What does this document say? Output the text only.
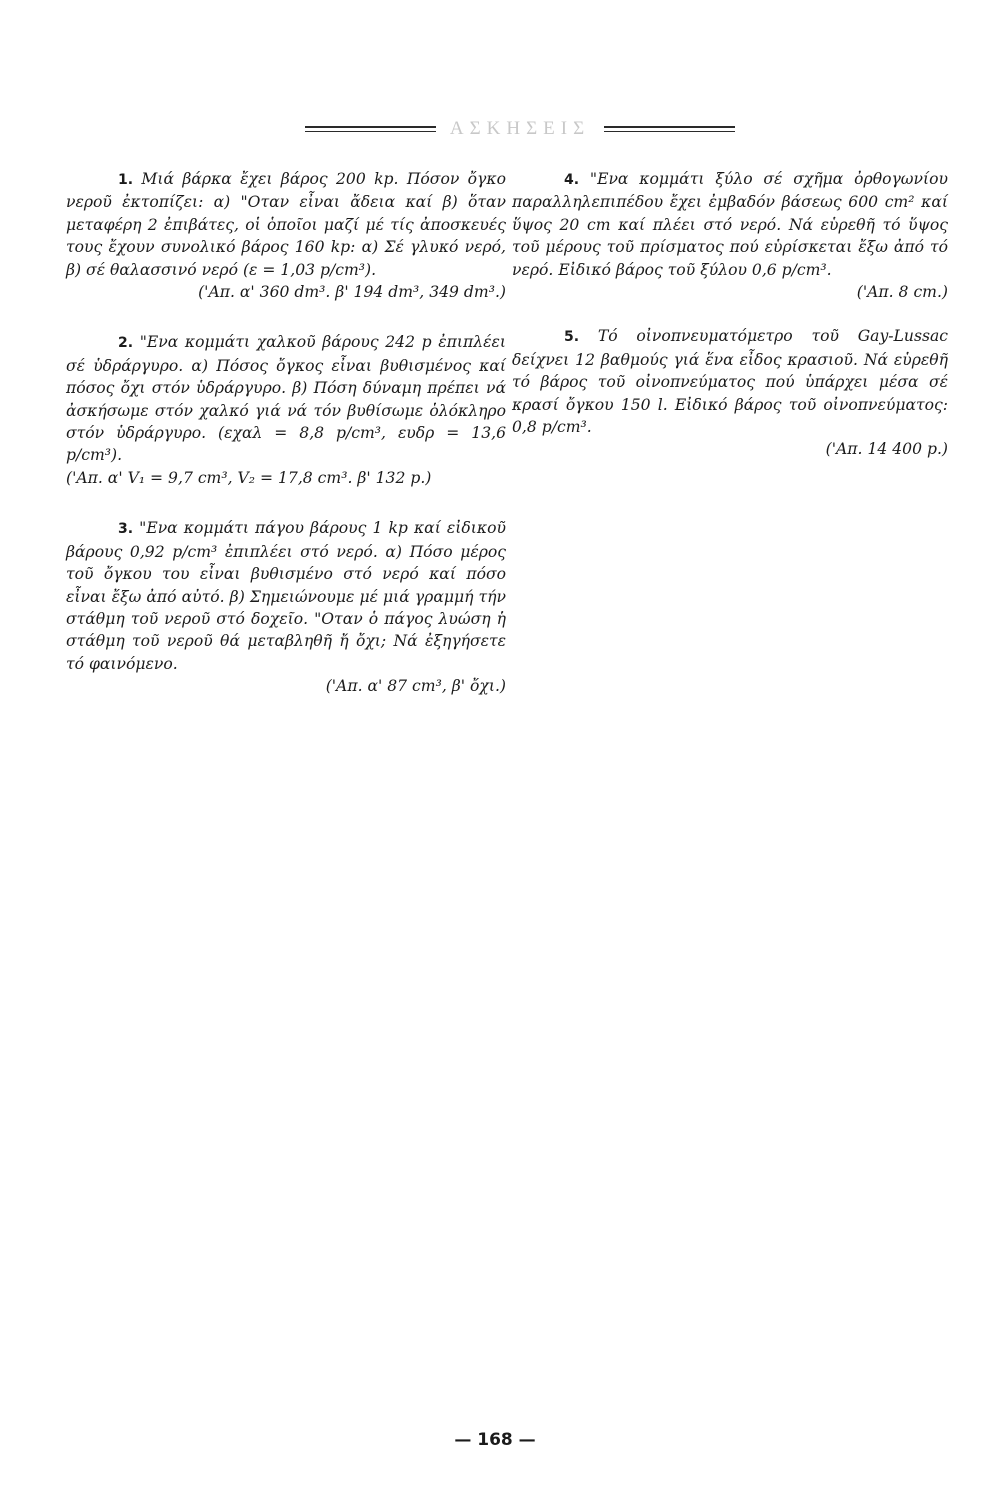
ΑΣΚΗΣΕΙΣ

1. Μιά βάρκα ἔχει βάρος 200 kp. Πόσον ὄγκο νεροῦ ἐκτοπίζει: α) "Οταν εἶναι ἄδεια καί β) ὅταν μεταφέρη 2 ἐπιβάτες, οἱ ὁποῖοι μαζί μέ τίς ἀποσκευές τους ἔχουν συνολικό βάρος 160 kp: α) Σέ γλυκό νερό, β) σέ θαλασσινό νερό (ε = 1,03 p/cm³).
('Απ. α' 360 dm³. β' 194 dm³, 349 dm³.)

2. "Ενα κομμάτι χαλκοῦ βάρους 242 p ἐπιπλέει σέ ὑδράργυρο. α) Πόσος ὄγκος εἶναι βυθισμένος καί πόσος ὄχι στόν ὑδράργυρο. β) Πόση δύναμη πρέπει νά ἀσκήσωμε στόν χαλκό γιά νά τόν βυθίσωμε ὁλόκληρο στόν ὑδράργυρο. (εχαλ = 8,8 p/cm³, ευδρ = 13,6 p/cm³).
('Απ. α' V₁ = 9,7 cm³, V₂ = 17,8 cm³. β' 132 p.)

3. "Ενα κομμάτι πάγου βάρους 1 kp καί εἰδικοῦ βάρους 0,92 p/cm³ ἐπιπλέει στό νερό. α) Πόσο μέρος τοῦ ὄγκου του εἶναι βυθισμένο στό νερό καί πόσο εἶναι ἔξω ἀπό αὐτό. β) Σημειώνουμε μέ μιά γραμμή τήν στάθμη τοῦ νεροῦ στό δοχεῖο. "Οταν ὁ πάγος λυώση ἡ στάθμη τοῦ νεροῦ θά μεταβληθῆ ἤ ὄχι; Νά ἐξηγήσετε τό φαινόμενο.
('Απ. α' 87 cm³, β' ὄχι.)

4. "Ενα κομμάτι ξύλο σέ σχῆμα ὀρθογωνίου παραλληλεπιπέδου ἔχει ἐμβαδόν βάσεως 600 cm² καί ὕψος 20 cm καί πλέει στό νερό. Νά εὑρεθῆ τό ὕψος τοῦ μέρους τοῦ πρίσματος πού εὑρίσκεται ἔξω ἀπό τό νερό. Εἰδικό βάρος τοῦ ξύλου 0,6 p/cm³.
('Απ. 8 cm.)

5. Τό οἰνοπνευματόμετρο τοῦ Gay-Lussac δείχνει 12 βαθμούς γιά ἕνα εἶδος κρασιοῦ. Νά εὑρεθῆ τό βάρος τοῦ οἰνοπνεύματος πού ὑπάρχει μέσα σέ κρασί ὄγκου 150 l. Εἰδικό βάρος τοῦ οἰνοπνεύματος: 0,8 p/cm³.
('Απ. 14 400 p.)

— 168 —
